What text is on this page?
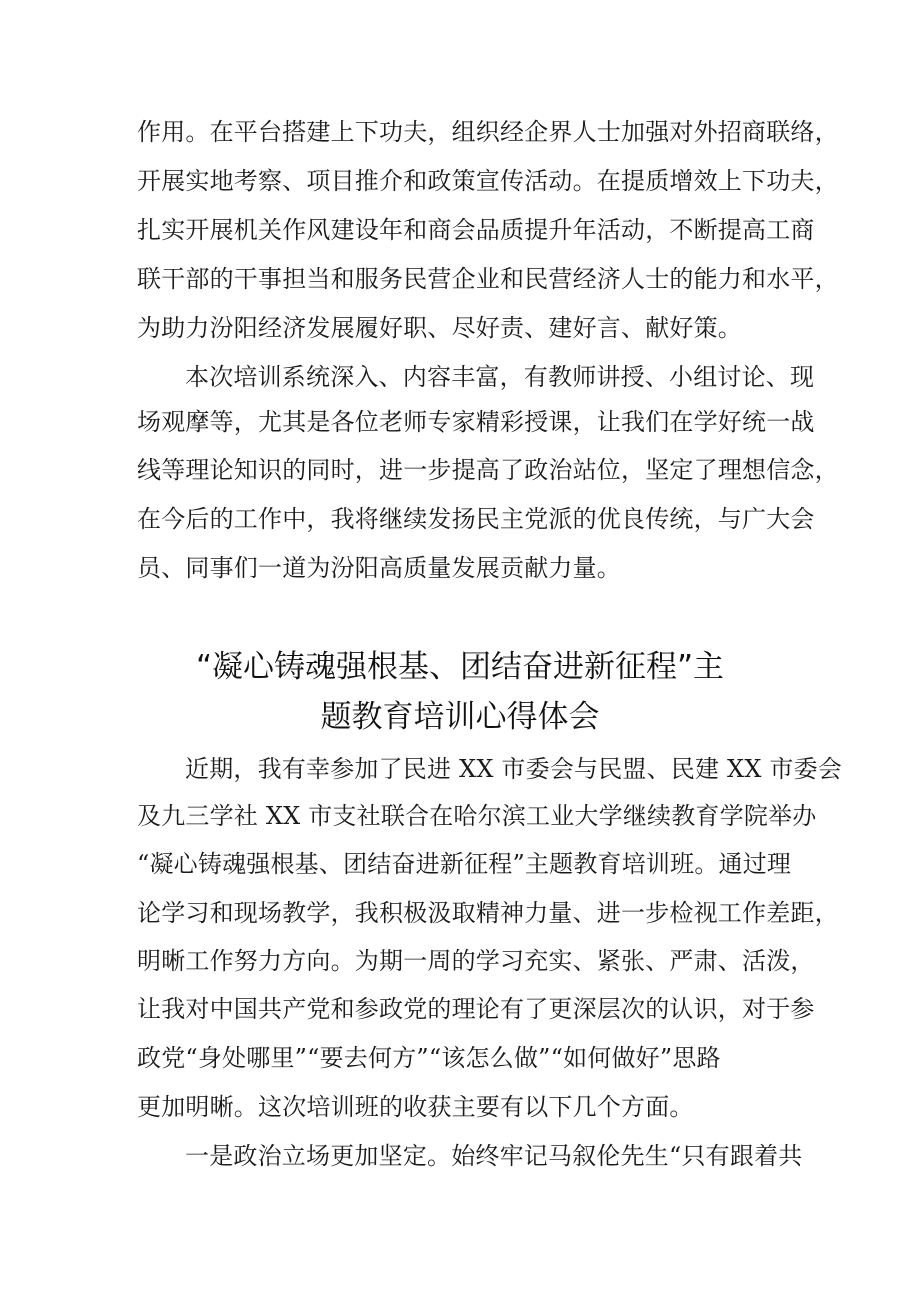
作用。在平台搭建上下功夫，组织经企界人士加强对外招商联络，
开展实地考察、项目推介和政策宣传活动。在提质增效上下功夫，
扎实开展机关作风建设年和商会品质提升年活动，不断提高工商
联干部的干事担当和服务民营企业和民营经济人士的能力和水平，
为助力汾阳经济发展履好职、尽好责、建好言、献好策。
本次培训系统深入、内容丰富，有教师讲授、小组讨论、现
场观摩等，尤其是各位老师专家精彩授课，让我们在学好统一战
线等理论知识的同时，进一步提高了政治站位，坚定了理想信念，
在今后的工作中，我将继续发扬民主党派的优良传统，与广大会
员、同事们一道为汾阳高质量发展贡献力量。
“凝心铸魂强根基、团结奋进新征程”主
题教育培训心得体会
近期，我有幸参加了民进 XX 市委会与民盟、民建 XX 市委会
及九三学社 XX 市支社联合在哈尔滨工业大学继续教育学院举办
“凝心铸魂强根基、团结奋进新征程”主题教育培训班。通过理
论学习和现场教学，我积极汲取精神力量、进一步检视工作差距，
明晰工作努力方向。为期一周的学习充实、紧张、严肃、活泼，
让我对中国共产党和参政党的理论有了更深层次的认识，对于参
政党“身处哪里”“要去何方”“该怎么做”“如何做好”思路
更加明晰。这次培训班的收获主要有以下几个方面。
一是政治立场更加坚定。始终牢记马叙伦先生“只有跟着共
